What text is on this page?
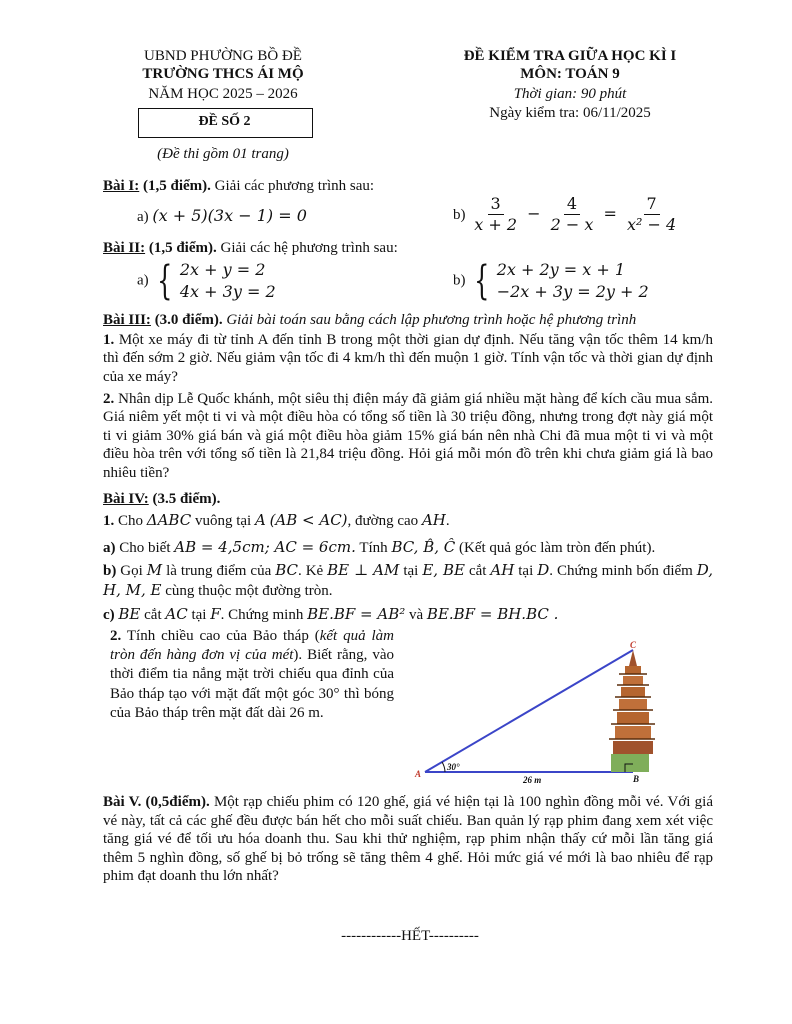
UBND PHƯỜNG BỒ ĐỀ
TRƯỜNG THCS ÁI MỘ
NĂM HỌC 2025 – 2026
ĐỀ SỐ 2
(Đề thi gồm 01 trang)
ĐỀ KIỂM TRA GIỮA HỌC KÌ I
MÔN: TOÁN 9
Thời gian: 90 phút
Ngày kiểm tra: 06/11/2025
Bài I: (1,5 điểm). Giải các phương trình sau:
a) (x + 5)(3x − 1) = 0	$b) \frac{3}{x + 2} - \frac{4}{2 - x} = \frac{7}{\text{x² − 4}}$
Bài II: (1,5 điểm). Giải các hệ phương trình sau:
a) { 2x + y = 2
4x + 3y = 2
b) { 2x + 2y = x + 1
−2x + 3y = 2y + 2
Bài III: (3.0 điểm). Giải bài toán sau bằng cách lập phương trình hoặc hệ phương trình

1. Một xe máy đi từ tỉnh A đến tỉnh B trong một thời gian dự định. Nếu tăng vận tốc thêm 14 km/h thì đến sớm 2 giờ. Nếu giảm vận tốc đi 4 km/h thì đến muộn 1 giờ. Tính vận tốc và thời gian dự định của xe máy?

2. Nhân dịp Lễ Quốc khánh, một siêu thị điện máy đã giảm giá nhiều mặt hàng để kích cầu mua sắm. Giá niêm yết một ti vi và một điều hòa có tổng số tiền là 30 triệu đồng, nhưng trong đợt này giá một ti vi giảm 30% giá bán và giá một điều hòa giảm 15% giá bán nên nhà Chi đã mua một ti vi và một điều hòa trên với tổng số tiền là 21,84 triệu đồng. Hỏi giá mỗi món đồ trên khi chưa giảm giá là bao nhiêu tiền?

Bài IV: (3.5 điểm).
1. Cho ΔABC vuông tại A (AB < AC), đường cao AH.
a) Cho biết AB = 4,5cm; AC = 6cm. Tính BC, B̂, Ĉ (Kết quả góc làm tròn đến phút).

b) Gọi M là trung điểm của BC. Kẻ BE ⊥ AM tại E, BE cắt AH tại D. Chứng minh bốn điểm D, H, M, E cùng thuộc một đường tròn.

c) BE cắt AC tại F. Chứng minh BE.BF = AB² và BE.BF = BH.BC .

2. Tính chiều cao của Bảo tháp (kết quả làm tròn đến hàng đơn vị của mét). Biết rằng, vào thời điểm tia nắng mặt trời chiếu qua đỉnh của Bảo tháp tạo với mặt đất một góc 30° thì bóng của Bảo tháp trên mặt đất dài 26 m.

A	B
C
30°
26 m

Bài V. (0,5điểm). Một rạp chiếu phim có 120 ghế, giá vé hiện tại là 100 nghìn đồng mỗi vé. Với giá vé này, tất cả các ghế đều được bán hết cho mỗi suất chiếu. Ban quản lý rạp phim đang xem xét việc tăng giá vé để tối ưu hóa doanh thu. Sau khi thử nghiệm, rạp phim nhận thấy cứ mỗi lần tăng giá thêm 5 nghìn đồng, số ghế bị bỏ trống sẽ tăng thêm 4 ghế. Hỏi mức giá vé mới là bao nhiêu để rạp phim đạt doanh thu lớn nhất?

------------HẾT----------
